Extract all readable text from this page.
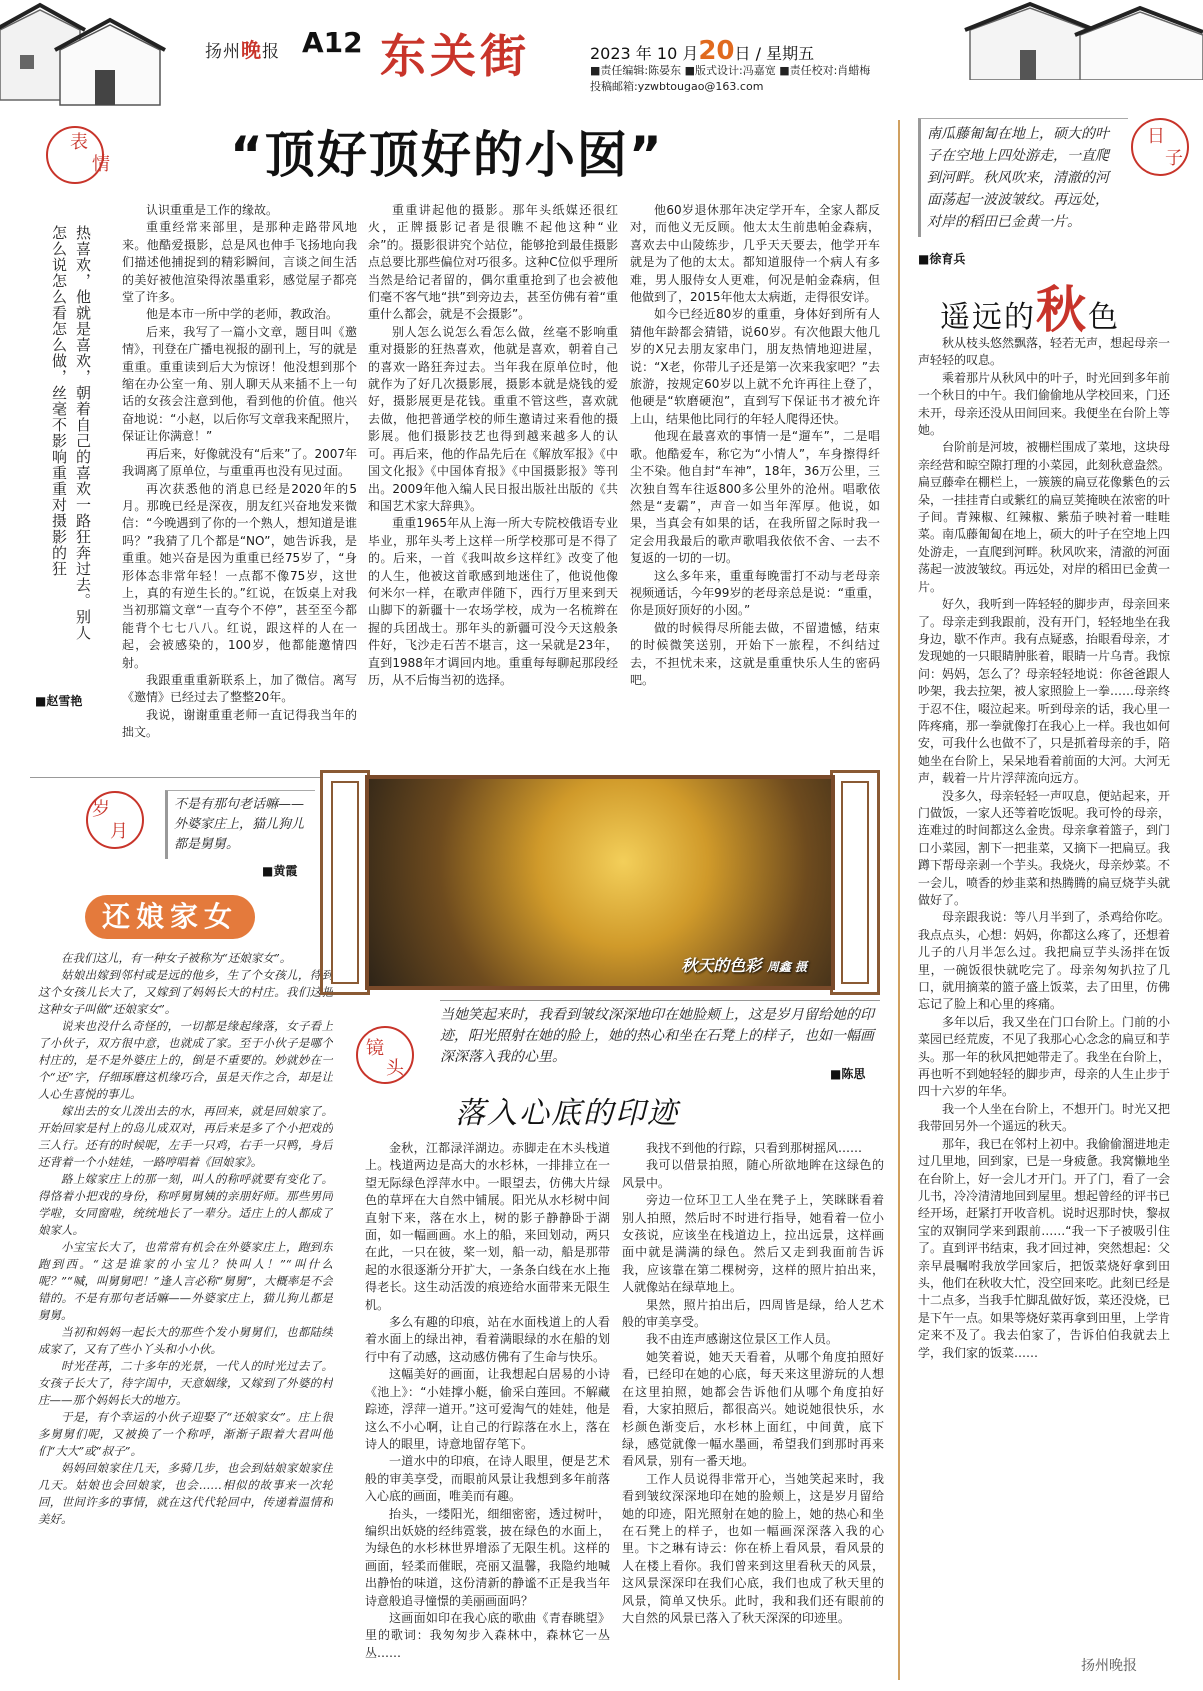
扬州晚报 A12 东关街	2023 年 10 月20日 / 星期五
■责任编辑:陈晏东 ■版式设计:冯嘉宽 ■责任校对:肖蜡梅
投稿邮箱:yzwbtougao@163.com
表
情 “顶好顶好的小囡”
热喜欢，他就是喜欢，朝着自己的喜欢一路狂奔过去。别人怎么说怎么看怎么做，丝毫不影响重重对摄影的狂
■赵雪艳

认识重重是工作的缘故。

重重经常来部里，是那种走路带风地来。他酷爱摄影，总是风也伸手飞扬地向我们描述他捕捉到的精彩瞬间，言谈之间生活的美好被他渲染得浓墨重彩，感觉屋子都亮堂了许多。

他是本市一所中学的老师，教政治。

后来，我写了一篇小文章，题目叫《邀情》，刊登在广播电视报的副刊上，写的就是重重。重重读到后大为惊讶！他没想到那个缩在办公室一角、别人聊天从来插不上一句话的女孩会注意到他，看到他的价值。他兴奋地说：“小赵，以后你写文章我来配照片，保证让你满意！”

再后来，好像就没有“后来”了。2007年我调离了原单位，与重重再也没有见过面。

再次获悉他的消息已经是2020年的5月。那晚已经是深夜，朋友红兴奋地发来微信：“今晚遇到了你的一个熟人，想知道是谁吗？”我猜了几个都是“NO”，她告诉我，是重重。她兴奋是因为重重已经75岁了，“身形体态非常年轻！一点都不像75岁，这世上，真的有逆生长的。”红说，在饭桌上对我当初那篇文章“一直夸个不停”，甚至至今都能背个七七八八。红说，跟这样的人在一起，会被感染的，100岁，他都能邀情四射。

我跟重重重新联系上，加了微信。离写《邀情》已经过去了整整20年。

我说，谢谢重重老师一直记得我当年的拙文。

重重讲起他的摄影。那年头纸媒还很红火，正牌摄影记者是很瞧不起他这种“业余”的。摄影很讲究个站位，能够抢到最佳摄影点总要比那些偏位对巧很多。这种C位似乎理所当然是给记者留的，偶尔重重抢到了也会被他们毫不客气地“拱”到旁边去，甚至仿佛有着“重重什么都会，就是不会摄影”。

别人怎么说怎么看怎么做，丝毫不影响重重对摄影的狂热喜欢，他就是喜欢，朝着自己的喜欢一路狂奔过去。当年我在原单位时，他就作为了好几次摄影展，摄影本就是烧钱的爱好，摄影展更是花钱。重重不管这些，喜欢就去做，他把普通学校的师生邀请过来看他的摄影展。他们摄影技艺也得到越来越多人的认可。再后来，他的作品先后在《解放军报》《中国文化报》《中国体育报》《中国摄影报》等刊出。2009年他入编人民日报出版社出版的《共和国艺术家大辞典》。

重重1965年从上海一所大专院校俄语专业毕业，那年头考上这样一所学校那可是不得了的。后来，一首《我叫故乡这样红》改变了他的人生，他被这首歌感到地迷住了，他说他像何米尔一样，在歌声伴随下，西行万里来到天山脚下的新疆十一农场学校，成为一名梳辫在握的兵团战士。那年头的新疆可没今天这般条件好，飞沙走石苦不堪言，这一呆就是23年，直到1988年才调回内地。重重每每聊起那段经历，从不后悔当初的选择。

他60岁退休那年决定学开车，全家人都反对，而他义无反顾。他太太生前患帕金森病，喜欢去中山陵练步，几乎天天要去，他学开车就是为了他的太太。都知道服侍一个病人有多难，男人服侍女人更难，何况是帕金森病，但他做到了，2015年他太太病逝，走得很安详。

如今已经近80岁的重重，身体好到所有人猜他年龄都会猜错，说60岁。有次他跟大他几岁的X兄去朋友家串门，朋友热情地迎进屋，说：“X老，你带儿子还是第一次来我家吧？”去旅游，按规定60岁以上就不允许再往上登了，他硬是“软磨硬泡”，直到写下保证书才被允许上山，结果他比同行的年轻人爬得还快。

他现在最喜欢的事情一是“遛车”，二是唱歌。他酷爱车，称它为“小情人”，车身擦得纤尘不染。他自封“车神”，18年，36万公里，三次独自驾车往返800多公里外的沧州。唱歌依然是“麦霸”，声音一如当年浑厚。他说，如果，当真会有如果的话，在我所留之际时我一定会用我最后的歌声歌唱我依依不舍、一去不复返的一切的一切。

这么多年来，重重每晚雷打不动与老母亲视频通话，今年99岁的老母亲总是说：“重重，你是顶好顶好的小囡。”

做的时候得尽所能去做，不留遗憾，结束的时候微笑送别，开始下一旅程，不纠结过去，不担忧未来，这就是重重快乐人生的密码吧。

南瓜藤匍匐在地上，硕大的叶子在空地上四处游走，一直爬到河畔。秋风吹来，清澈的河面荡起一波波皱纹。再远处，对岸的稻田已金黄一片。
日
子
■徐育兵
遥远的秋色

秋从枝头悠然飘落，轻若无声，想起母亲一声轻轻的叹息。

乘着那片从秋风中的叶子，时光回到多年前一个秋日的中午。我们偷偷地从学校回来，门还未开，母亲还没从田间回来。我便坐在台阶上等她。

台阶前是河坡，被栅栏围成了菜地，这块母亲经营和晾空隙打理的小菜园，此刻秋意盎然。扁豆藤牵在棚栏上，一簇簇的扁豆花像紫色的云朵，一挂挂青白或紫红的扁豆荚掩映在浓密的叶子间。青辣椒、红辣椒、紫茄子映衬着一畦畦菜。南瓜藤匍匐在地上，硕大的叶子在空地上四处游走，一直爬到河畔。秋风吹来，清澈的河面荡起一波波皱纹。再远处，对岸的稻田已金黄一片。

好久，我听到一阵轻轻的脚步声，母亲回来了。母亲走到我跟前，没有开门，轻轻地坐在我身边，歇不作声。我有点疑惑，抬眼看母亲，才发现她的一只眼睛肿胀着，眼睛一片乌青。我惊问：妈妈，怎么了？母亲轻轻地说：你爸爸跟人吵架，我去拉架，被人家照脸上一拳……母亲终于忍不住，啜泣起来。听到母亲的话，我心里一阵疼痛，那一拳就像打在我心上一样。我也如何安，可我什么也做不了，只是抓着母亲的手，陪她坐在台阶上，呆呆地看着前面的大河。大河无声，载着一片片浮萍流向远方。

没多久，母亲轻轻一声叹息，便站起来，开门做饭，一家人还等着吃饭呢。我可怜的母亲，连难过的时间都这么金贵。母亲拿着篮子，到门口小菜园，割下一把韭菜，又摘下一把扁豆。我蹲下帮母亲剥一个芋头。我烧火，母亲炒菜。不一会儿，喷香的炒韭菜和热腾腾的扁豆烧芋头就做好了。

母亲跟我说：等八月半到了，杀鸡给你吃。我点点头，心想：妈妈，你都这么疼了，还想着儿子的八月半怎么过。我把扁豆芋头汤拌在饭里，一碗饭很快就吃完了。母亲匆匆扒拉了几口，就用摘菜的篮子盛上饭菜，去了田里，仿佛忘记了脸上和心里的疼痛。

多年以后，我又坐在门口台阶上。门前的小菜园已经荒废，不见了我那心心念念的扁豆和芋头。那一年的秋风把她带走了。我坐在台阶上，再也听不到她轻轻的脚步声，母亲的人生止步于四十六岁的年华。

我一个人坐在台阶上，不想开门。时光又把我带回另外一个遥远的秋天。

那年，我已在邻村上初中。我偷偷溜进地走过几里地，回到家，已是一身疲惫。我窝懒地坐在台阶上，好一会儿才开门。开了门，看了一会儿书，冷冷清清地回到屋里。想起曾经的评书已经开场，赶紧打开收音机。说时迟那时快，黎叔宝的双锏同学来到跟前……“我一下子被吸引住了。直到评书结束，我才回过神，突然想起：父亲早晨嘱咐我放学回家后，把饭菜烧好拿到田头，他们在秋收大忙，没空回来吃。此刻已经是十二点多，当我手忙脚乱做好饭，菜还没烧，已是下午一点。如果等烧好菜再拿到田里，上学肯定来不及了。我去伯家了，告诉伯伯我就去上学，我们家的饭菜……

岁
月
不是有那句老话嘛——外婆家庄上，猫儿狗儿都是舅舅。
■黄霞
还娘家女

在我们这儿，有一种女子被称为“还娘家女”。

姑娘出嫁到邻村或是远的他乡，生了个女孩儿，待到这个女孩儿长大了，又嫁到了妈妈长大的村庄。我们这把这种女子叫做“还娘家女”。

说来也没什么奇怪的，一切都是缘起缘落，女子看上了小伙子，双方很中意，也就成了家。至于小伙子是哪个村庄的，是不是外婆庄上的，倒是不重要的。妙就妙在一个“还”字，仔细琢磨这机缘巧合，虽是天作之合，却是让人心生喜悦的事儿。

嫁出去的女儿泼出去的水，再回来，就是回娘家了。开始回家是村上的岛儿成双对，再后来是多了个小把戏的三人行。还有的时候呢，左手一只鸡，右手一只鸭，身后还背着一个小娃娃，一路哼唱着《回娘家》。

路上嫁家庄上的那一刻，叫人的称呼就要有变化了。得恪着小把戏的身份，称呼舅舅姨的亲朋好师。那些男同学啦，女同窗啦，统统地长了一辈分。适庄上的人都成了娘家人。

小宝宝长大了，也常常有机会在外婆家庄上，跑到东跑到西。“这是谁家的小宝儿？快叫人！”“叫什么呢？”“喊，叫舅舅吧！”逢人言必称“舅舅”，大概率是不会错的。不是有那句老话嘛——外婆家庄上，猫儿狗儿都是舅舅。

当初和妈妈一起长大的那些个发小舅舅们，也都陆续成家了，又有了些小丫头和小小伙。

时光荏苒，二十多年的光景，一代人的时光过去了。女孩子长大了，待字闺中，天意姻缘，又嫁到了外婆的村庄——那个妈妈长大的地方。

于是，有个幸运的小伙子迎娶了“还娘家女”。庄上很多舅舅们呢，又被换了一个称呼，渐渐子跟着大君叫他们“大大”或“叔子”。

妈妈回娘家住几天，多骑几步，也会到姑娘家娘家住几天。姑娘也会回娘家，也会……相似的故事来一次轮回，世间许多的事情，就在这代代轮回中，传递着温情和美好。

秋天的色彩 周鑫 摄
当她笑起来时，我看到皱纹深深地印在她脸颊上，这是岁月留给她的印迹，阳光照射在她的脸上，她的热心和坐在石凳上的样子，也如一幅画深深落入我的心里。
镜
头	■陈思
落入心底的印迹

金秋，江都渌洋湖边。赤脚走在木头栈道上。栈道两边是高大的水杉林，一排排立在一望无际绿色浮萍水中。一眼望去，仿佛大片绿色的草坪在大自然中铺展。阳光从水杉树中间直射下来，落在水上，树的影子静静卧于湖面，如一幅画画。水上的船，来回划动，两只在此，一只在彼，桨一划，船一动，船是那带起的水很逐渐分开扩大，一条条白线在水上拖得老长。这生动活泼的痕迹给水面带来无限生机。

多么有趣的印痕，站在水面栈道上的人看着水面上的绿出神，看着满眼绿的水在船的划行中有了动感，这动感仿佛有了生命与快乐。

这幅美好的画面，让我想起白居易的小诗《池上》：“小娃撑小艇，偷采白莲回。不解藏踪迹，浮萍一道开。”这可爱淘气的娃娃，他是这么不小心啊，让自己的行踪落在水上，落在诗人的眼里，诗意地留存笔下。

一道水中的印痕，在诗人眼里，便是艺术般的审美享受，而眼前风景让我想到多年前落入心底的画面，唯美而有趣。

抬头，一缕阳光，细细密密，透过树叶，编织出妖娆的经纬霓裳，披在绿色的水面上，为绿色的水杉林世界增添了无限生机。这样的画面，轻柔而催眠，亮丽又温馨，我隐约地喊出静怡的味道，这份清新的静谧不正是我当年诗意般追寻憧憬的美丽画面吗？

这画面如印在我心底的歌曲《青春眺望》里的歌词：我匆匆步入森林中，森林它一丛丛……

我找不到他的行踪，只看到那树摇风……

我可以借景拍照，随心所欲地眸在这绿色的风景中。

旁边一位环卫工人坐在凳子上，笑眯眯看着别人拍照，然后时不时进行指导，她看着一位小女孩说，应该坐在栈道边上，拉出远景，这样画面中就是满满的绿色。然后又走到我面前告诉我，应该靠在第二棵树旁，这样的照片拍出来，人就像站在绿草地上。

果然，照片拍出后，四周皆是绿，给人艺术般的审美享受。

我不由连声感谢这位景区工作人员。

她笑着说，她天天看着，从哪个角度拍照好看，已经印在她的心底，每天来这里游玩的人想在这里拍照，她都会告诉他们从哪个角度拍好看，大家拍照后，都很高兴。她说她很快乐，水杉颜色渐变后，水杉林上面红，中间黄，底下绿，感觉就像一幅水墨画，希望我们到那时再来看风景，别有一番天地。

工作人员说得非常开心，当她笑起来时，我看到皱纹深深地印在她的脸颊上，这是岁月留给她的印迹，阳光照射在她的脸上，她的热心和坐在石凳上的样子，也如一幅画深深落入我的心里。卞之琳有诗云：你在桥上看风景，看风景的人在楼上看你。我们曾来到这里看秋天的风景，这风景深深印在我们心底，我们也成了秋天里的风景，简单又快乐。此时，我和我们还有眼前的大自然的风景已落入了秋天深深的印迹里。

扬州晚报
